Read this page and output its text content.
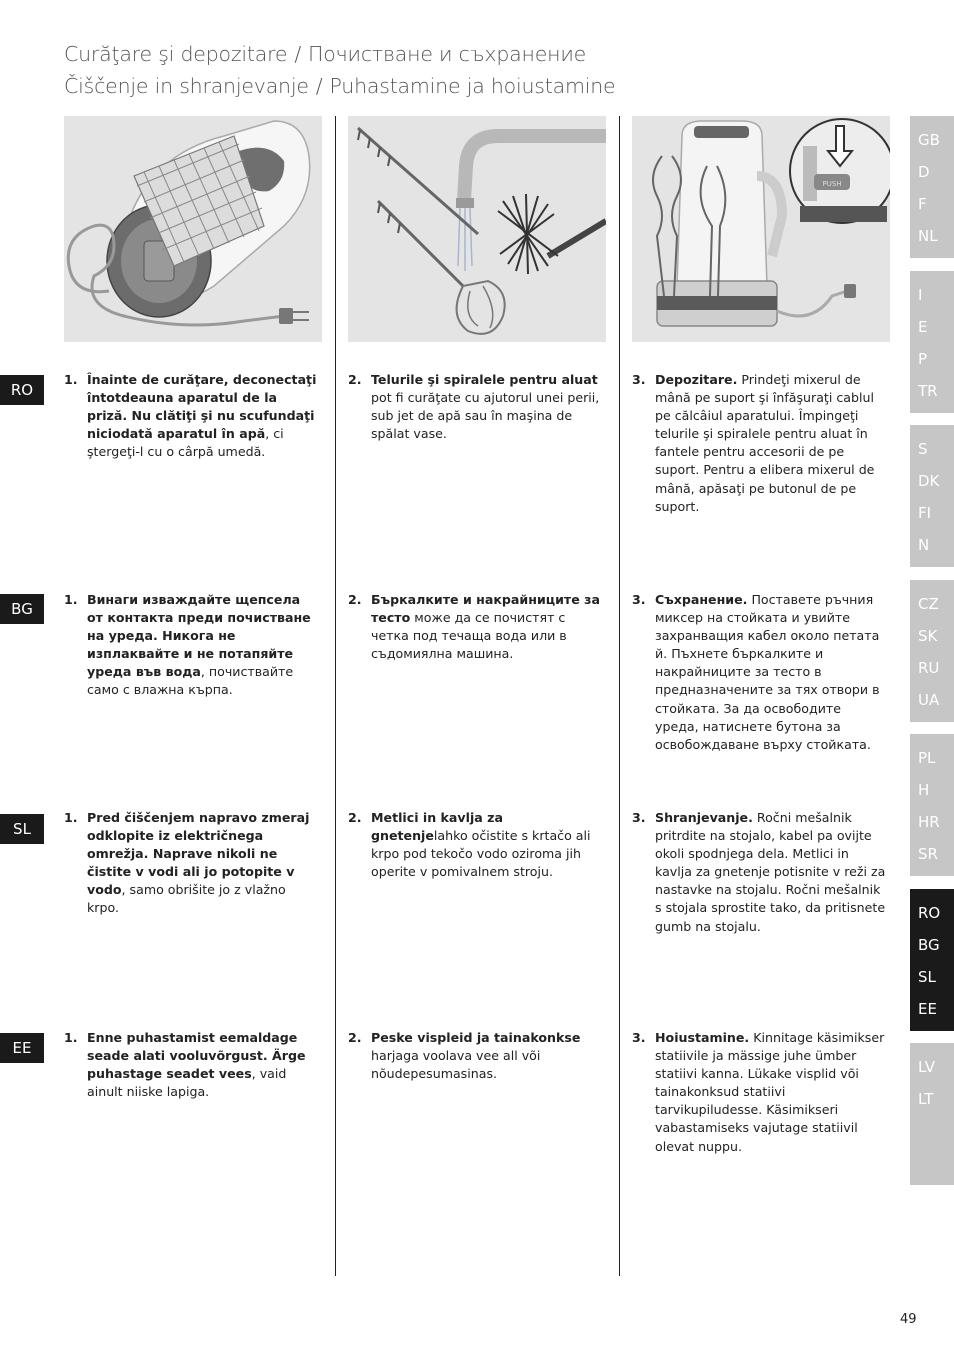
Curăţare şi depozitare / Почистване и съхранение
Čiščenje in shranjevanje / Puhastamine ja hoiustamine
PUSH
RO
1. Înainte de curăţare, deconectaţi întotdeauna aparatul de la priză. Nu clătiţi şi nu scufundaţi niciodată aparatul în apă, ci ştergeţi-l cu o cârpă umedă.
2. Telurile şi spiralele pentru aluat pot fi curăţate cu ajutorul unei perii, sub jet de apă sau în maşina de spălat vase.
3. Depozitare. Prindeţi mixerul de mână pe suport şi înfăşuraţi cablul pe călcâiul aparatului. Împingeţi telurile şi spiralele pentru aluat în fantele pentru accesorii de pe suport. Pentru a elibera mixerul de mână, apăsaţi pe butonul de pe suport.
BG
1. Винаги изваждайте щепсела от контакта преди почистване на уреда. Никога не изплаквайте и не потапяйте уреда във вода, почиствайте само с влажна кърпа.
2. Бъркалките и накрайниците за тесто може да се почистят с четка под течаща вода или в съдомиялна машина.
3. Съхранение. Поставете ръчния миксер на стойката и увийте захранващия кабел около петата й. Пъхнете бъркалките и накрайниците за тесто в предназначените за тях отвори в стойката. За да освободите уреда, натиснете бутона за освобождаване върху стойката.
SL
1. Pred čiščenjem napravo zmeraj odklopite iz električnega omrežja. Naprave nikoli ne čistite v vodi ali jo potopite v vodo, samo obrišite jo z vlažno krpo.
2. Metlici in kavlja za gnetenjelahko očistite s krtačo ali krpo pod tekočo vodo oziroma jih operite v pomivalnem stroju.
3. Shranjevanje. Ročni mešalnik pritrdite na stojalo, kabel pa ovijte okoli spodnjega dela. Metlici in kavlja za gnetenje potisnite v reži za nastavke na stojalu. Ročni mešalnik s stojala sprostite tako, da pritisnete gumb na stojalu.
EE
1. Enne puhastamist eemaldage seade alati vooluvõrgust. Ärge puhastage seadet vees, vaid ainult niiske lapiga.
2. Peske vispleid ja tainakonkse harjaga voolava vee all või nõudepesumasinas.
3. Hoiustamine. Kinnitage käsimikser statiivile ja mässige juhe ümber statiivi kanna. Lükake visplid või tainakonksud statiivi tarvikupiludesse. Käsimikseri vabastamiseks vajutage statiivil olevat nuppu.
GB
D
F
NL
I
E
P
TR
S
DK
FI
N
CZ
SK
RU
UA
PL
H
HR
SR
RO
BG
SL
EE
LV
LT
49
